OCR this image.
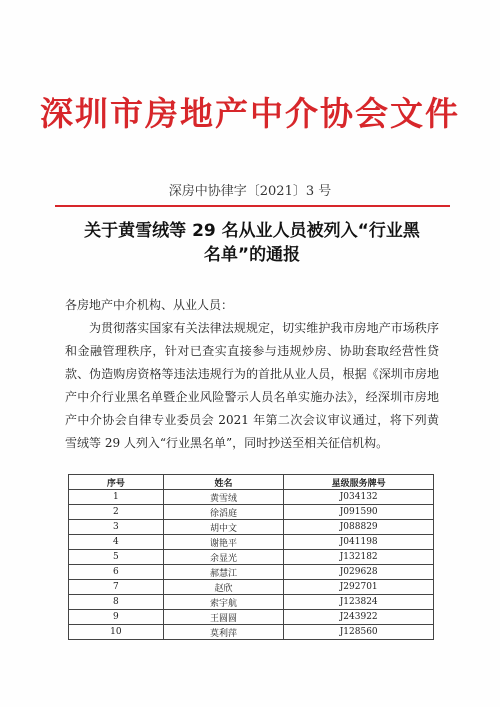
深圳市房地产中介协会文件
深房中协律字〔2021〕3 号
关于黄雪绒等 29 名从业人员被列入“行业黑
名单”的通报
各房地产中介机构、从业人员：

为贯彻落实国家有关法律法规规定，切实维护我市房地产市场秩序和金融管理秩序，针对已查实直接参与违规炒房、协助套取经营性贷款、伪造购房资格等违法违规行为的首批从业人员，根据《深圳市房地产中介行业黑名单暨企业风险警示人员名单实施办法》，经深圳市房地产中介协会自律专业委员会 2021 年第二次会议审议通过，将下列黄雪绒等 29 人列入“行业黑名单”，同时抄送至相关征信机构。

序号	姓名	星级服务牌号
1	黄雪绒	J034132
2	徐滔庭	J091590
3	胡中文	J088829
4	谢艳平	J041198
5	余显光	J132182
6	郝慧江	J029628
7	赵欣	J292701
8	索宇航	J123824
9	王圆圆	J243922
10	莫利萍	J128560
